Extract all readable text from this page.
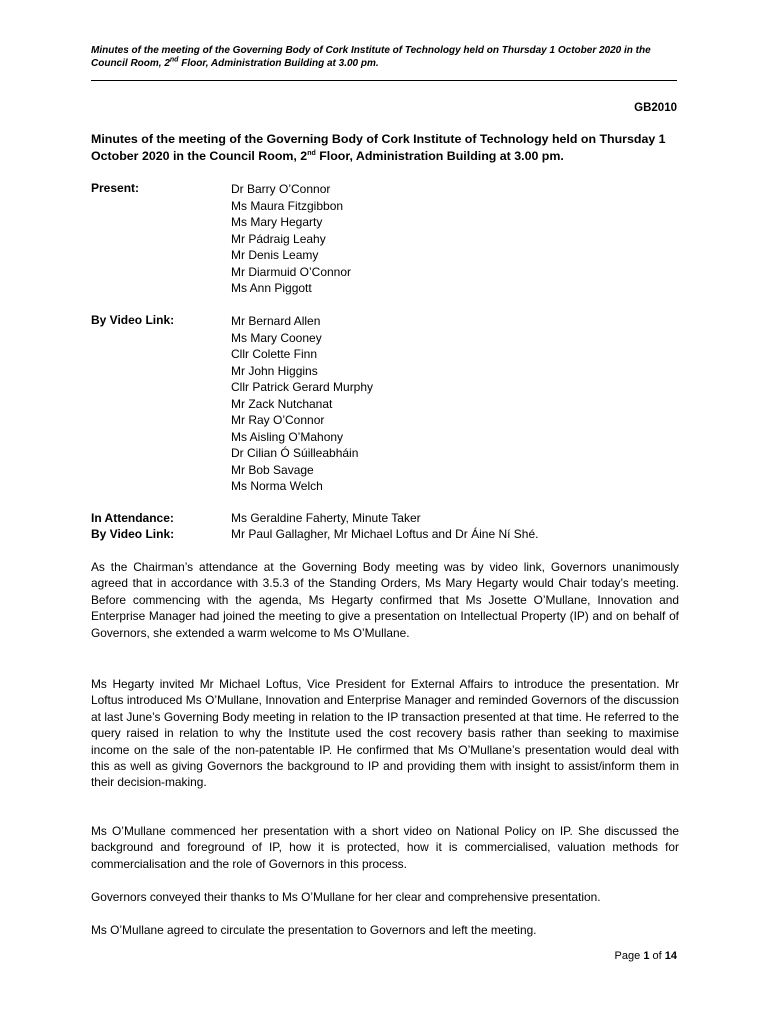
Minutes of the meeting of the Governing Body of Cork Institute of Technology held on Thursday 1 October 2020 in the Council Room, 2nd Floor, Administration Building at 3.00 pm.
GB2010
Minutes of the meeting of the Governing Body of Cork Institute of Technology held on Thursday 1 October 2020 in the Council Room, 2nd Floor, Administration Building at 3.00 pm.
Present:	Dr Barry O’Connor
Ms Maura Fitzgibbon
Ms Mary Hegarty
Mr Pádraig Leahy
Mr Denis Leamy
Mr Diarmuid O’Connor
Ms Ann Piggott
By Video Link:	Mr Bernard Allen
Ms Mary Cooney
Cllr Colette Finn
Mr John Higgins
Cllr Patrick Gerard Murphy
Mr Zack Nutchanat
Mr Ray O’Connor
Ms Aisling O’Mahony
Dr Cilian Ó Súilleabháin
Mr Bob Savage
Ms Norma Welch
In Attendance:	Ms Geraldine Faherty, Minute Taker
By Video Link:	Mr Paul Gallagher, Mr Michael Loftus and Dr Áine Ní Shé.

As the Chairman’s attendance at the Governing Body meeting was by video link, Governors unanimously agreed that in accordance with 3.5.3 of the Standing Orders, Ms Mary Hegarty would Chair today’s meeting. Before commencing with the agenda, Ms Hegarty confirmed that Ms Josette O’Mullane, Innovation and Enterprise Manager had joined the meeting to give a presentation on Intellectual Property (IP) and on behalf of Governors, she extended a warm welcome to Ms O’Mullane.

Ms Hegarty invited Mr Michael Loftus, Vice President for External Affairs to introduce the presentation. Mr Loftus introduced Ms O’Mullane, Innovation and Enterprise Manager and reminded Governors of the discussion at last June’s Governing Body meeting in relation to the IP transaction presented at that time. He referred to the query raised in relation to why the Institute used the cost recovery basis rather than seeking to maximise income on the sale of the non-patentable IP. He confirmed that Ms O’Mullane’s presentation would deal with this as well as giving Governors the background to IP and providing them with insight to assist/inform them in their decision-making.

Ms O’Mullane commenced her presentation with a short video on National Policy on IP. She discussed the background and foreground of IP, how it is protected, how it is commercialised, valuation methods for commercialisation and the role of Governors in this process.

Governors conveyed their thanks to Ms O’Mullane for her clear and comprehensive presentation.

Ms O’Mullane agreed to circulate the presentation to Governors and left the meeting.

Page 1 of 14
